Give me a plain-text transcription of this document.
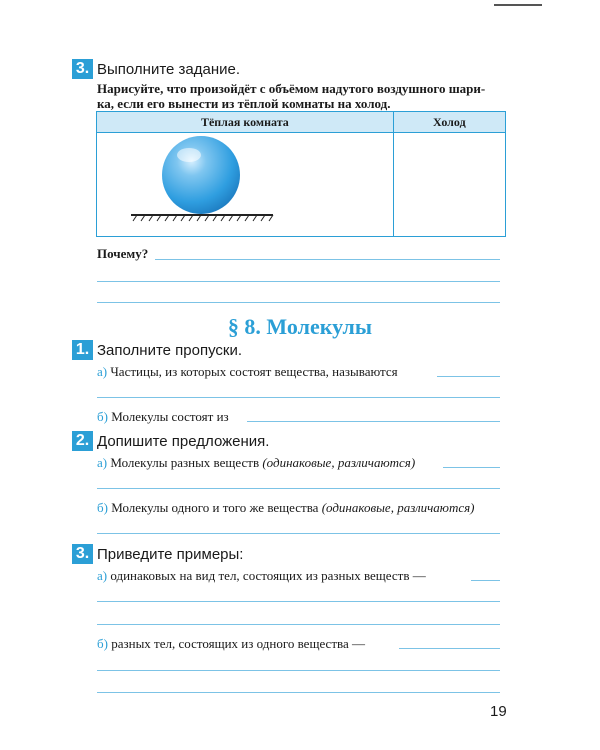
3 . Выполните задание.
Нарисуйте, что произойдёт с объёмом надутого воздушного шари-
ка, если его вынести из тёплой комнаты на холод.
Тёплая комната	Холод

Почему?
§ 8. Молекулы
1 . Заполните пропуски.
а) Частицы, из которых состоят вещества, называются
б) Молекулы состоят из
2 . Допишите предложения.
а) Молекулы разных веществ (одинаковые, различаются)
б) Молекулы одного и того же вещества (одинаковые, различаются)
3 . Приведите примеры:
а) одинаковых на вид тел, состоящих из разных веществ —
б) разных тел, состоящих из одного вещества —
19
